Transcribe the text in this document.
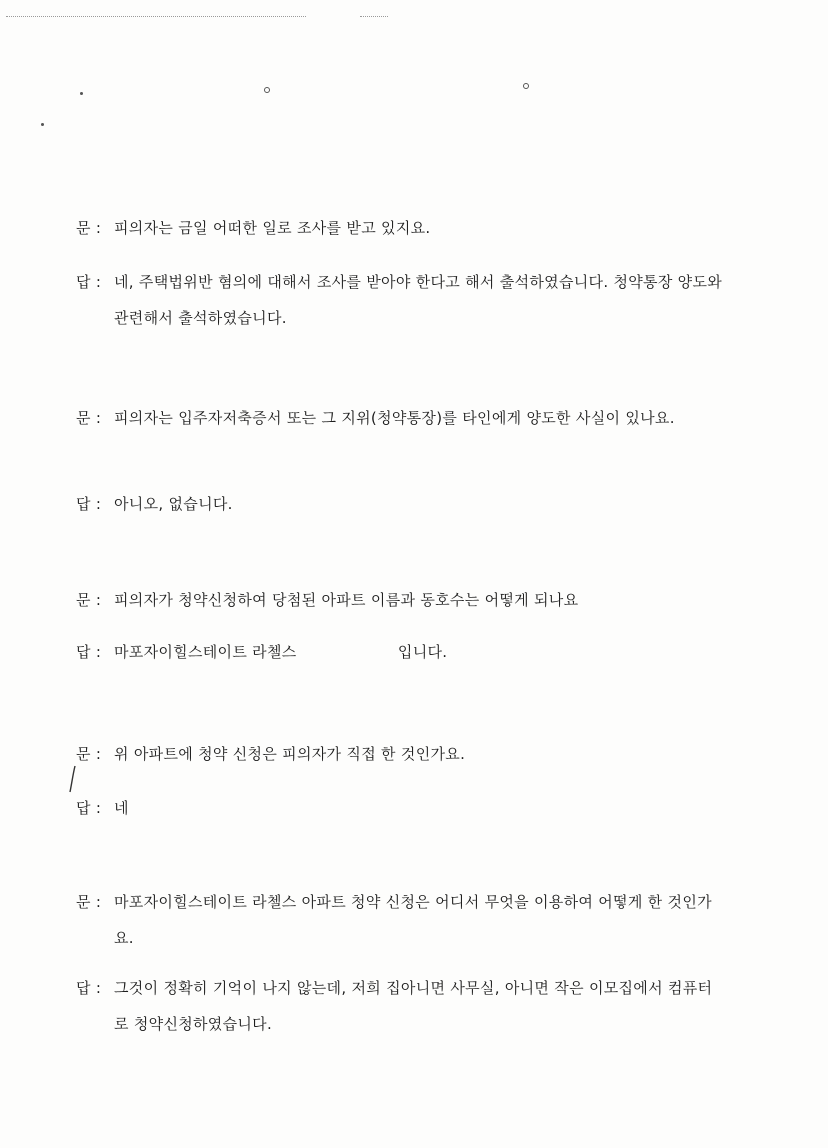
문 : 피의자는 금일 어떠한 일로 조사를 받고 있지요.
답 : 네, 주택법위반 혐의에 대해서 조사를 받아야 한다고 해서 출석하였습니다. 청약통장 양도와 관련해서 출석하였습니다.
문 : 피의자는 입주자저축증서 또는 그 지위(청약통장)를 타인에게 양도한 사실이 있나요.
답 : 아니오, 없습니다.
문 : 피의자가 청약신청하여 당첨된 아파트 이름과 동호수는 어떻게 되나요
답 : 마포자이힐스테이트 라첼스                    입니다.
문 : 위 아파트에 청약 신청은 피의자가 직접 한 것인가요.
답 : 네
문 : 마포자이힐스테이트 라첼스 아파트 청약 신청은 어디서 무엇을 이용하여 어떻게 한 것인가요.
답 : 그것이 정확히 기억이 나지 않는데, 저희 집아니면 사무실, 아니면 작은 이모집에서 컴퓨터로 청약신청하였습니다.
